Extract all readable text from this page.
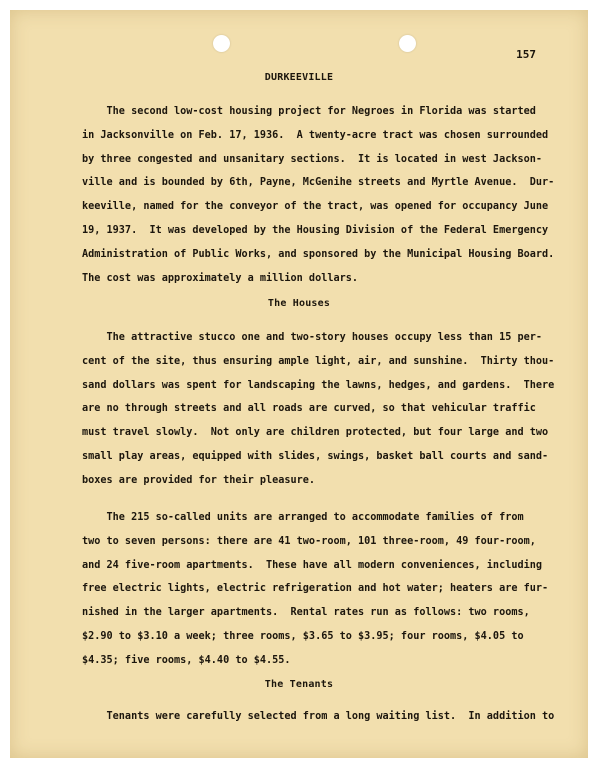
157
DURKEEVILLE

The second low-cost housing project for Negroes in Florida was started
in Jacksonville on Feb. 17, 1936.  A twenty-acre tract was chosen surrounded
by three congested and unsanitary sections.  It is located in west Jackson-
ville and is bounded by 6th, Payne, McGenihe streets and Myrtle Avenue.  Dur-
keeville, named for the conveyor of the tract, was opened for occupancy June
19, 1937.  It was developed by the Housing Division of the Federal Emergency
Administration of Public Works, and sponsored by the Municipal Housing Board.
The cost was approximately a million dollars.

The Houses

The attractive stucco one and two-story houses occupy less than 15 per-
cent of the site, thus ensuring ample light, air, and sunshine.  Thirty thou-
sand dollars was spent for landscaping the lawns, hedges, and gardens.  There
are no through streets and all roads are curved, so that vehicular traffic
must travel slowly.  Not only are children protected, but four large and two
small play areas, equipped with slides, swings, basket ball courts and sand-
boxes are provided for their pleasure.

The 215 so-called units are arranged to accommodate families of from
two to seven persons: there are 41 two-room, 101 three-room, 49 four-room,
and 24 five-room apartments.  These have all modern conveniences, including
free electric lights, electric refrigeration and hot water; heaters are fur-
nished in the larger apartments.  Rental rates run as follows: two rooms,
$2.90 to $3.10 a week; three rooms, $3.65 to $3.95; four rooms, $4.05 to
$4.35; five rooms, $4.40 to $4.55.

The Tenants

Tenants were carefully selected from a long waiting list.  In addition to
